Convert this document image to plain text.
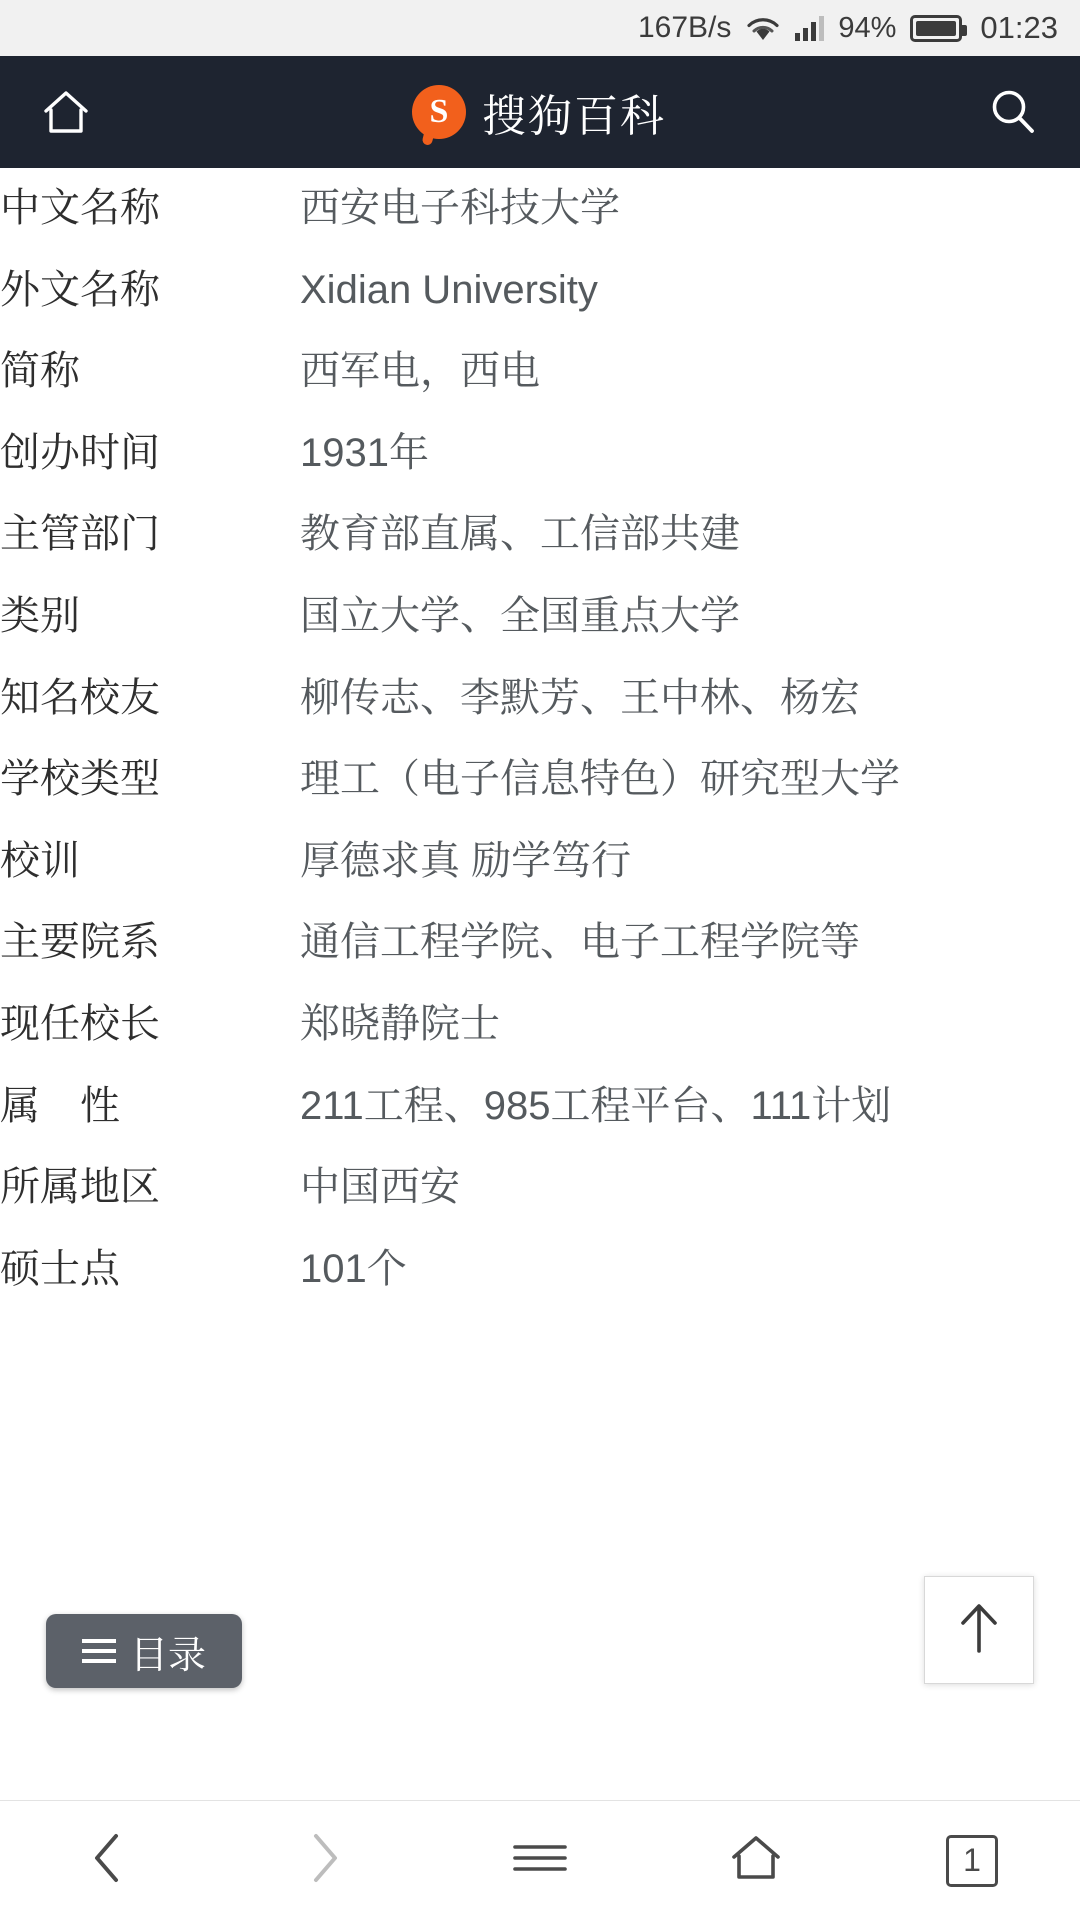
167B/s	94%	01:23
S 搜狗百科
中文名称	西安电子科技大学
外文名称	Xidian University
简称	西军电，西电
创办时间	1931年
主管部门	教育部直属、工信部共建
类别	国立大学、全国重点大学
知名校友	柳传志、李默芳、王中林、杨宏
学校类型	理工（电子信息特色）研究型大学
校训	厚德求真 励学笃行
主要院系	通信工程学院、电子工程学院等
现任校长	郑晓静院士
属　性	211工程、985工程平台、111计划
所属地区	中国西安
硕士点	101个
目录
1
